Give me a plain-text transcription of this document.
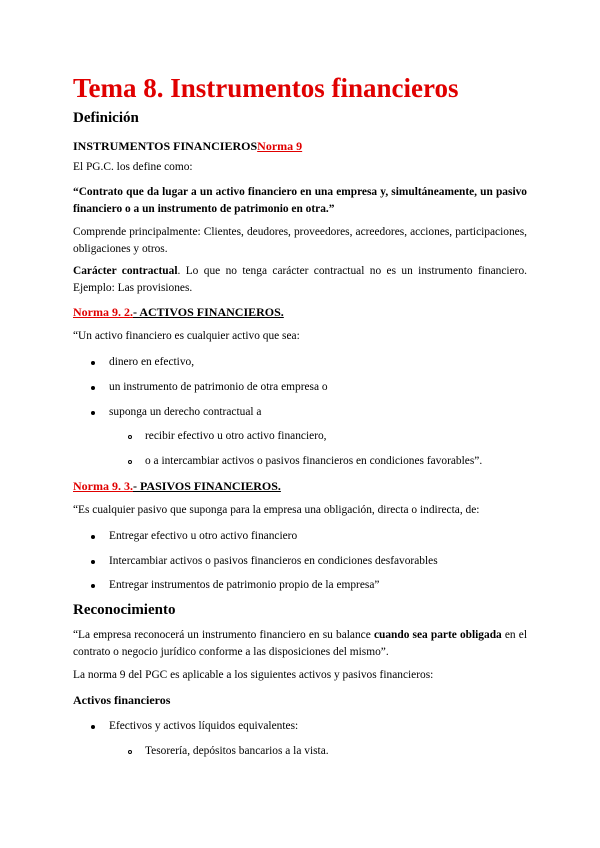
Tema 8. Instrumentos financieros
Definición
INSTRUMENTOS FINANCIEROSNorma 9

El PG.C. los define como:

“Contrato que da lugar a un activo financiero en una empresa y, simultáneamente, un pasivo financiero o a un instrumento de patrimonio en otra.”

Comprende principalmente: Clientes, deudores, proveedores, acreedores, acciones, participaciones, obligaciones y otros.

Carácter contractual. Lo que no tenga carácter contractual no es un instrumento financiero. Ejemplo: Las provisiones.

Norma 9. 2.- ACTIVOS FINANCIEROS.

“Un activo financiero es cualquier activo que sea:

dinero en efectivo,
un instrumento de patrimonio de otra empresa o
suponga un derecho contractual a
recibir efectivo u otro activo financiero,
o a intercambiar activos o pasivos financieros en condiciones favorables”.
Norma 9. 3.- PASIVOS FINANCIEROS.

“Es cualquier pasivo que suponga para la empresa una obligación, directa o indirecta, de:

Entregar efectivo u otro activo financiero
Intercambiar activos o pasivos financieros en condiciones desfavorables
Entregar instrumentos de patrimonio propio de la empresa”
Reconocimiento

“La empresa reconocerá un instrumento financiero en su balance cuando sea parte obligada en el contrato o negocio jurídico conforme a las disposiciones del mismo”.

La norma 9 del PGC es aplicable a los siguientes activos y pasivos financieros:

Activos financieros
Efectivos y activos líquidos equivalentes:
Tesorería, depósitos bancarios a la vista.
